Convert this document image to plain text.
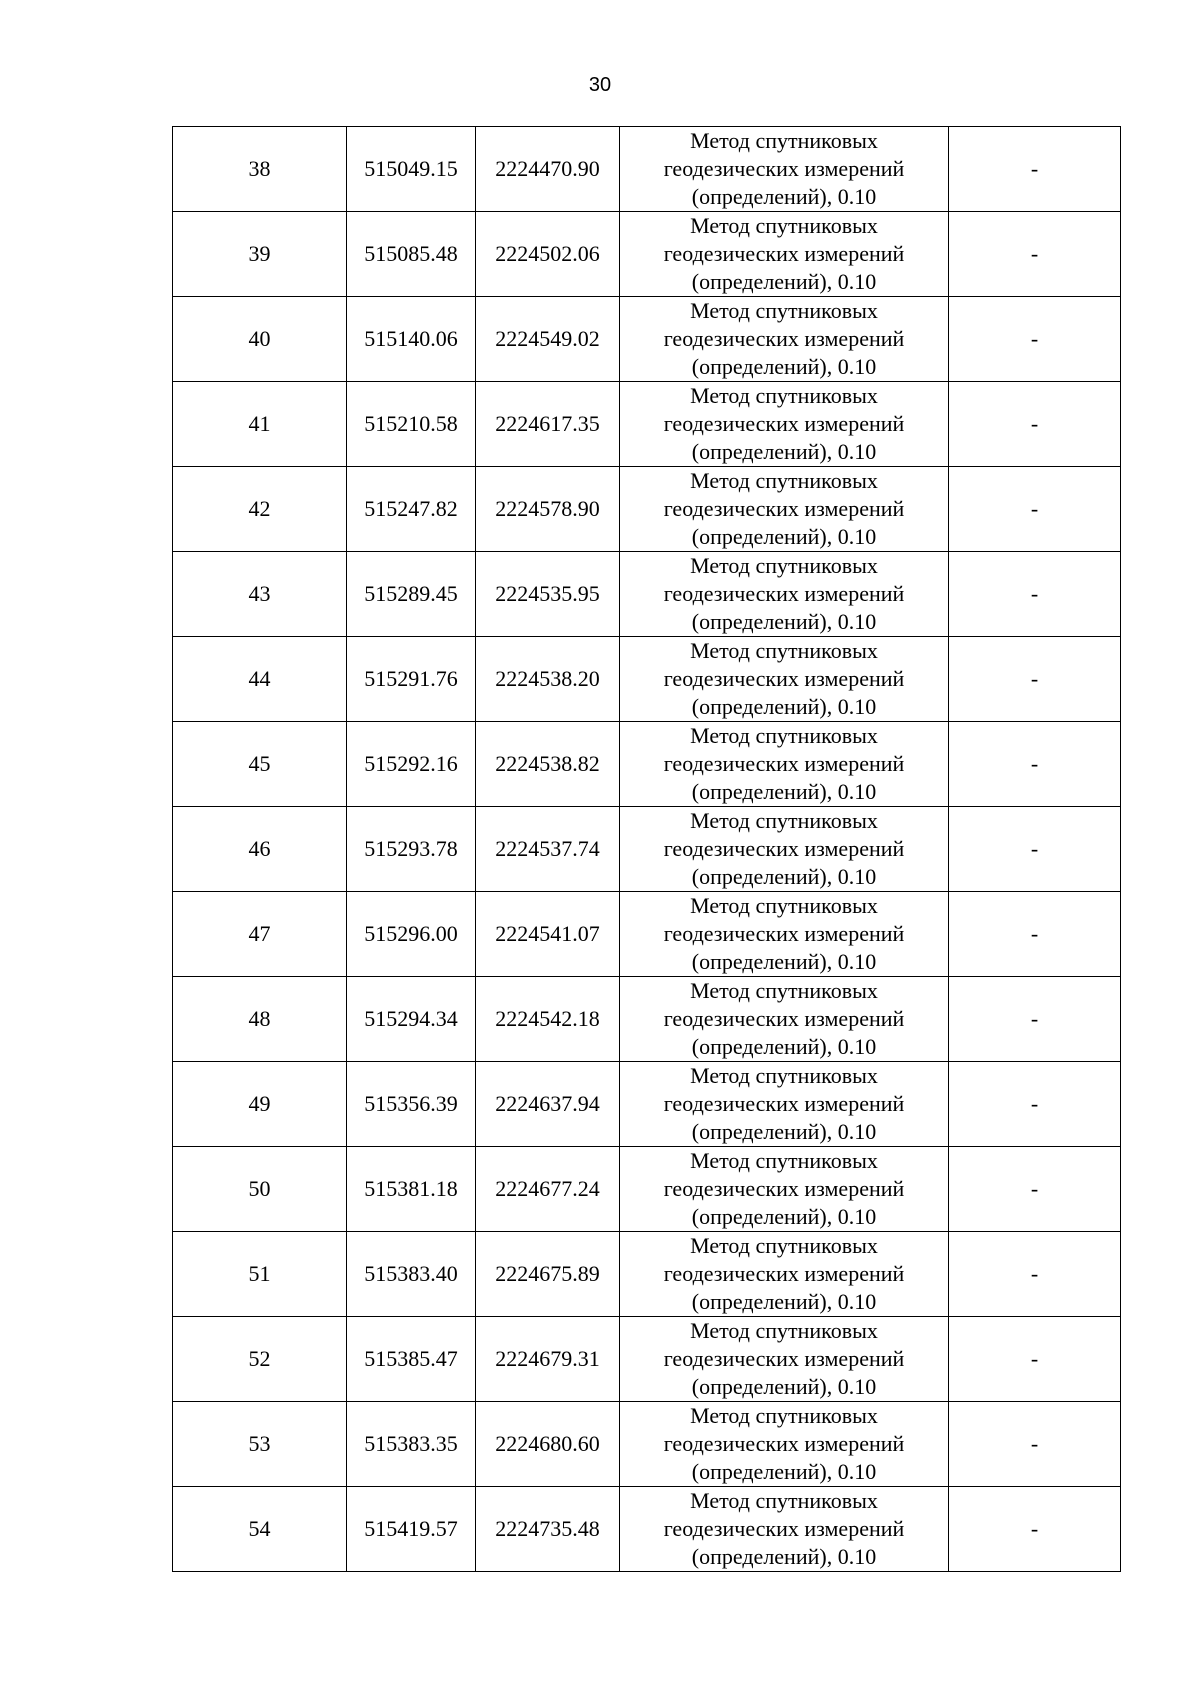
30
38	515049.15	2224470.90	Метод спутниковых
геодезических измерений
(определений), 0.10	-
39	515085.48	2224502.06	Метод спутниковых
геодезических измерений
(определений), 0.10	-
40	515140.06	2224549.02	Метод спутниковых
геодезических измерений
(определений), 0.10	-
41	515210.58	2224617.35	Метод спутниковых
геодезических измерений
(определений), 0.10	-
42	515247.82	2224578.90	Метод спутниковых
геодезических измерений
(определений), 0.10	-
43	515289.45	2224535.95	Метод спутниковых
геодезических измерений
(определений), 0.10	-
44	515291.76	2224538.20	Метод спутниковых
геодезических измерений
(определений), 0.10	-
45	515292.16	2224538.82	Метод спутниковых
геодезических измерений
(определений), 0.10	-
46	515293.78	2224537.74	Метод спутниковых
геодезических измерений
(определений), 0.10	-
47	515296.00	2224541.07	Метод спутниковых
геодезических измерений
(определений), 0.10	-
48	515294.34	2224542.18	Метод спутниковых
геодезических измерений
(определений), 0.10	-
49	515356.39	2224637.94	Метод спутниковых
геодезических измерений
(определений), 0.10	-
50	515381.18	2224677.24	Метод спутниковых
геодезических измерений
(определений), 0.10	-
51	515383.40	2224675.89	Метод спутниковых
геодезических измерений
(определений), 0.10	-
52	515385.47	2224679.31	Метод спутниковых
геодезических измерений
(определений), 0.10	-
53	515383.35	2224680.60	Метод спутниковых
геодезических измерений
(определений), 0.10	-
54	515419.57	2224735.48	Метод спутниковых
геодезических измерений
(определений), 0.10	-
